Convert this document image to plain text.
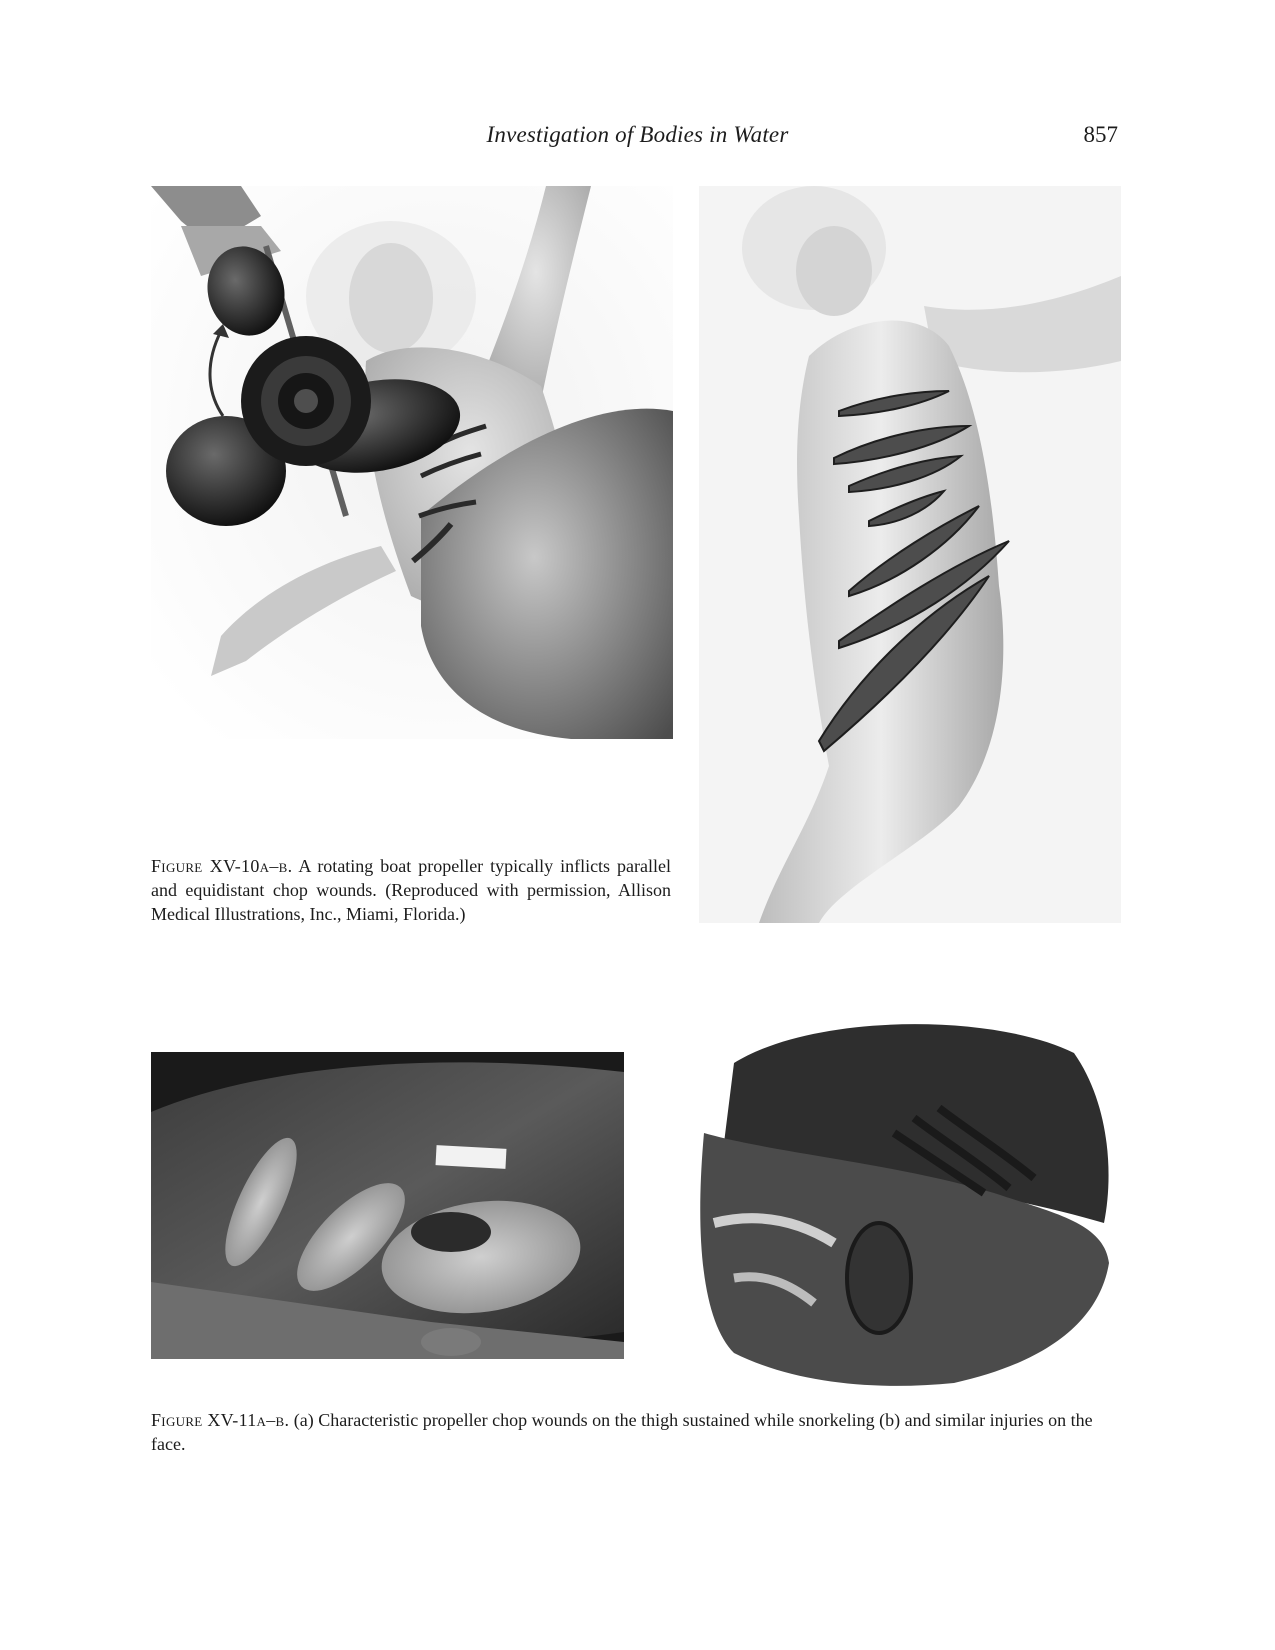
Investigation of Bodies in Water	857
Figure XV-10a–b. A rotating boat propeller typically inflicts parallel and equidistant chop wounds. (Reproduced with permission, Allison Medical Illustrations, Inc., Miami, Florida.)
Figure XV-11a–b. (a) Characteristic propeller chop wounds on the thigh sustained while snorkeling (b) and similar injuries on the face.
